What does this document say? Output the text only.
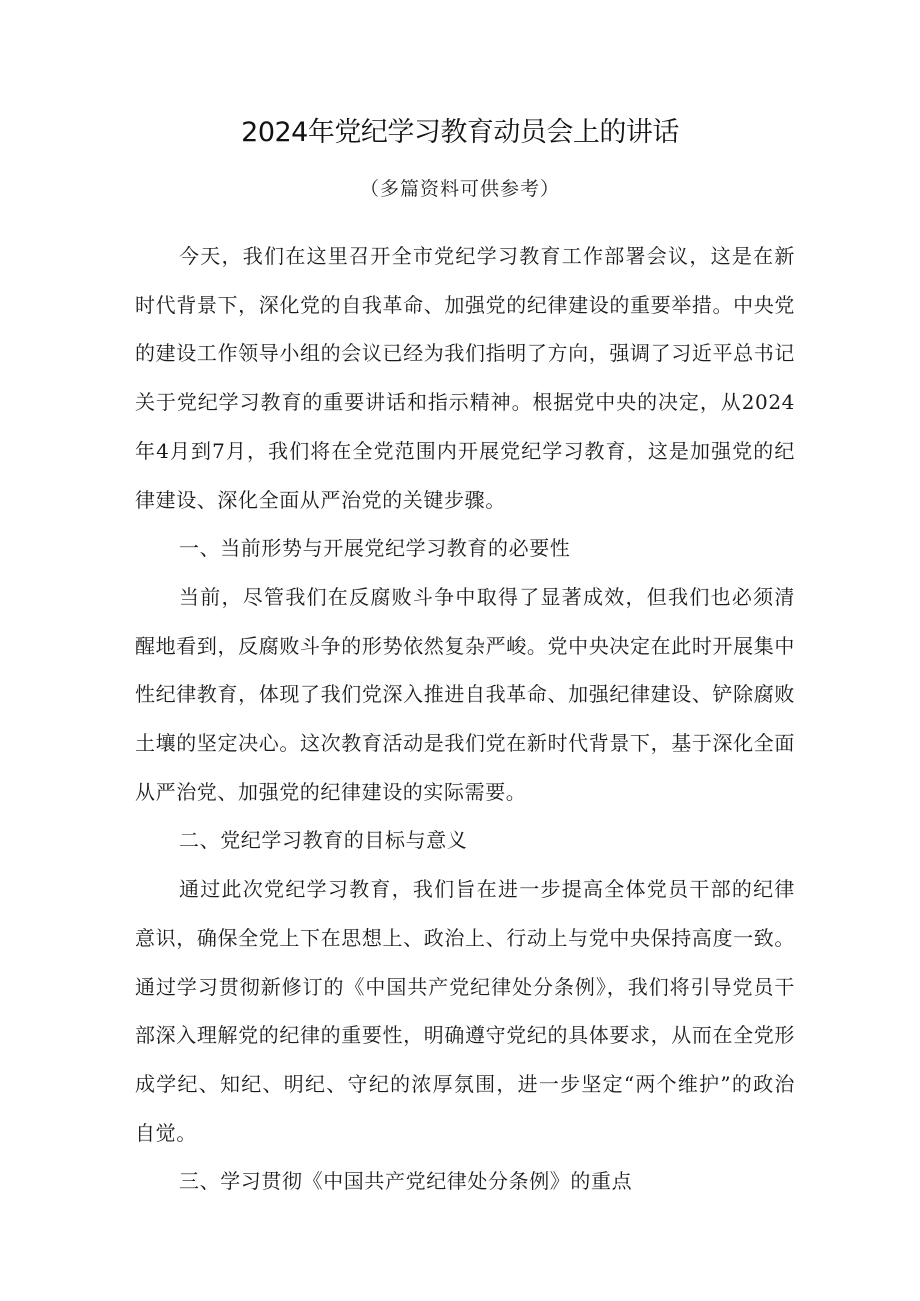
2024年党纪学习教育动员会上的讲话

（多篇资料可供参考）

今天，我们在这里召开全市党纪学习教育工作部署会议，这是在新时代背景下，深化党的自我革命、加强党的纪律建设的重要举措。中央党的建设工作领导小组的会议已经为我们指明了方向，强调了习近平总书记关于党纪学习教育的重要讲话和指示精神。根据党中央的决定，从2024年4月到7月，我们将在全党范围内开展党纪学习教育，这是加强党的纪律建设、深化全面从严治党的关键步骤。

一、当前形势与开展党纪学习教育的必要性

当前，尽管我们在反腐败斗争中取得了显著成效，但我们也必须清醒地看到，反腐败斗争的形势依然复杂严峻。党中央决定在此时开展集中性纪律教育，体现了我们党深入推进自我革命、加强纪律建设、铲除腐败土壤的坚定决心。这次教育活动是我们党在新时代背景下，基于深化全面从严治党、加强党的纪律建设的实际需要。

二、党纪学习教育的目标与意义

通过此次党纪学习教育，我们旨在进一步提高全体党员干部的纪律意识，确保全党上下在思想上、政治上、行动上与党中央保持高度一致。通过学习贯彻新修订的《中国共产党纪律处分条例》，我们将引导党员干部深入理解党的纪律的重要性，明确遵守党纪的具体要求，从而在全党形成学纪、知纪、明纪、守纪的浓厚氛围，进一步坚定“两个维护”的政治自觉。

三、学习贯彻《中国共产党纪律处分条例》的重点
